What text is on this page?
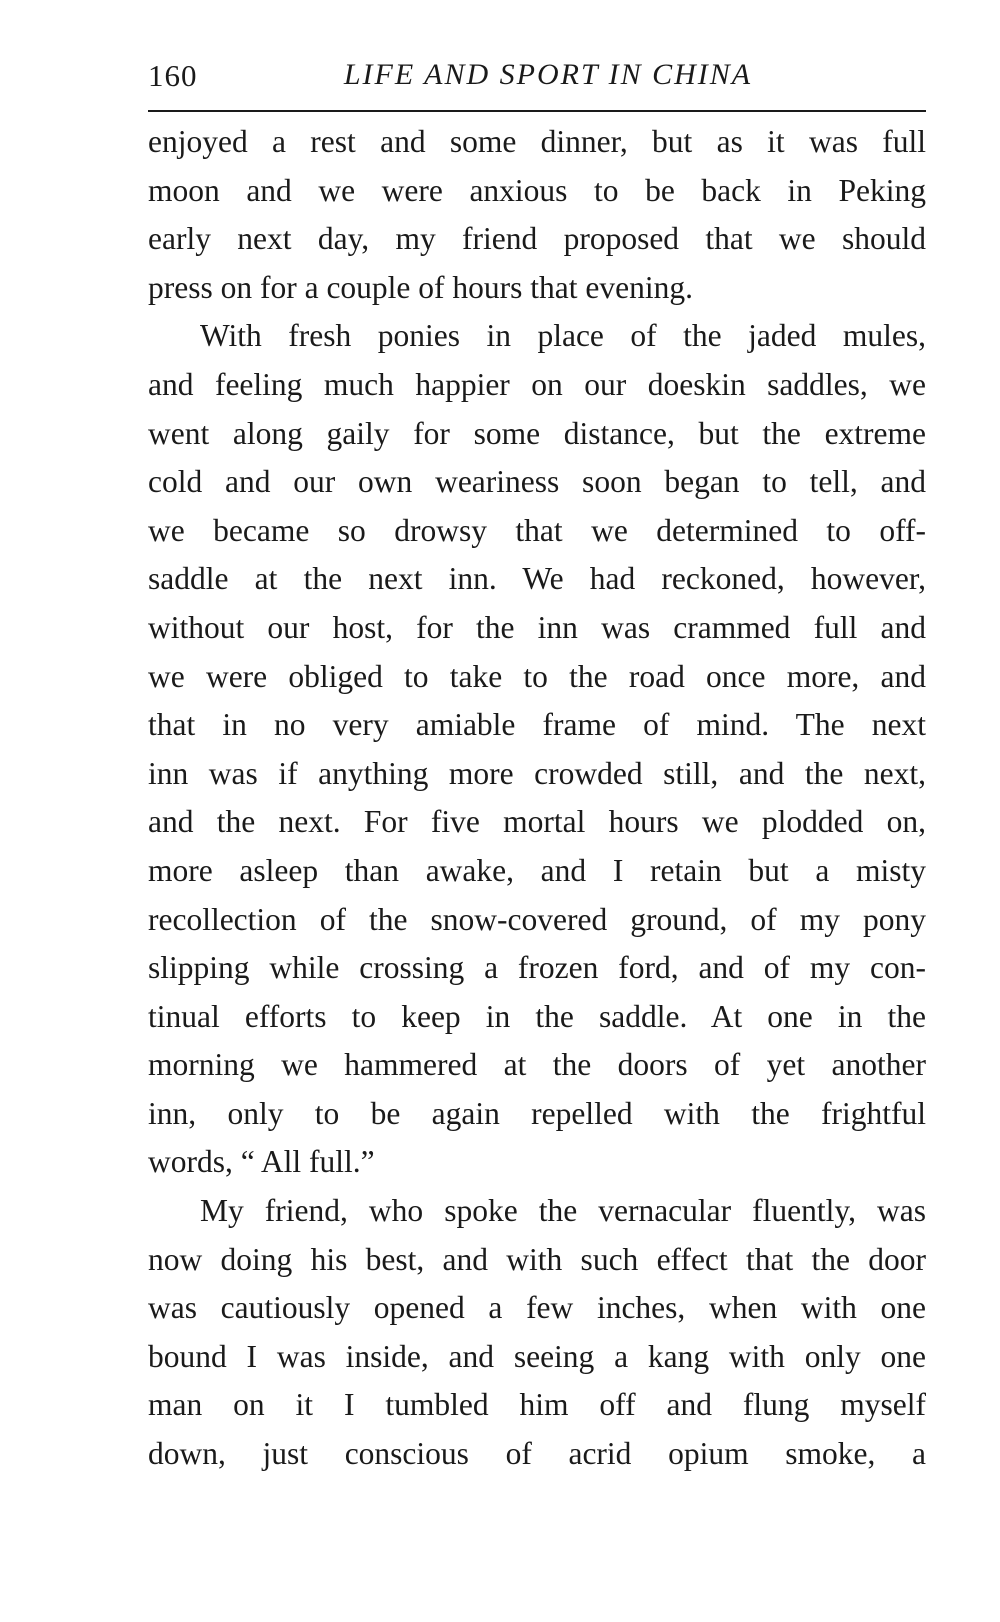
160	LIFE AND SPORT IN CHINA
enjoyed a rest and some dinner, but as it was full
moon and we were anxious to be back in Peking
early next day, my friend proposed that we should
press on for a couple of hours that evening.
With fresh ponies in place of the jaded mules,
and feeling much happier on our doeskin saddles, we
went along gaily for some distance, but the extreme
cold and our own weariness soon began to tell, and
we became so drowsy that we determined to off-
saddle at the next inn. We had reckoned, however,
without our host, for the inn was crammed full and
we were obliged to take to the road once more, and
that in no very amiable frame of mind. The next
inn was if anything more crowded still, and the next,
and the next. For five mortal hours we plodded on,
more asleep than awake, and I retain but a misty
recollection of the snow-covered ground, of my pony
slipping while crossing a frozen ford, and of my con-
tinual efforts to keep in the saddle. At one in the
morning we hammered at the doors of yet another
inn, only to be again repelled with the frightful
words, “ All full.”
My friend, who spoke the vernacular fluently, was
now doing his best, and with such effect that the door
was cautiously opened a few inches, when with one
bound I was inside, and seeing a kang with only one
man on it I tumbled him off and flung myself
down, just conscious of acrid opium smoke, a
